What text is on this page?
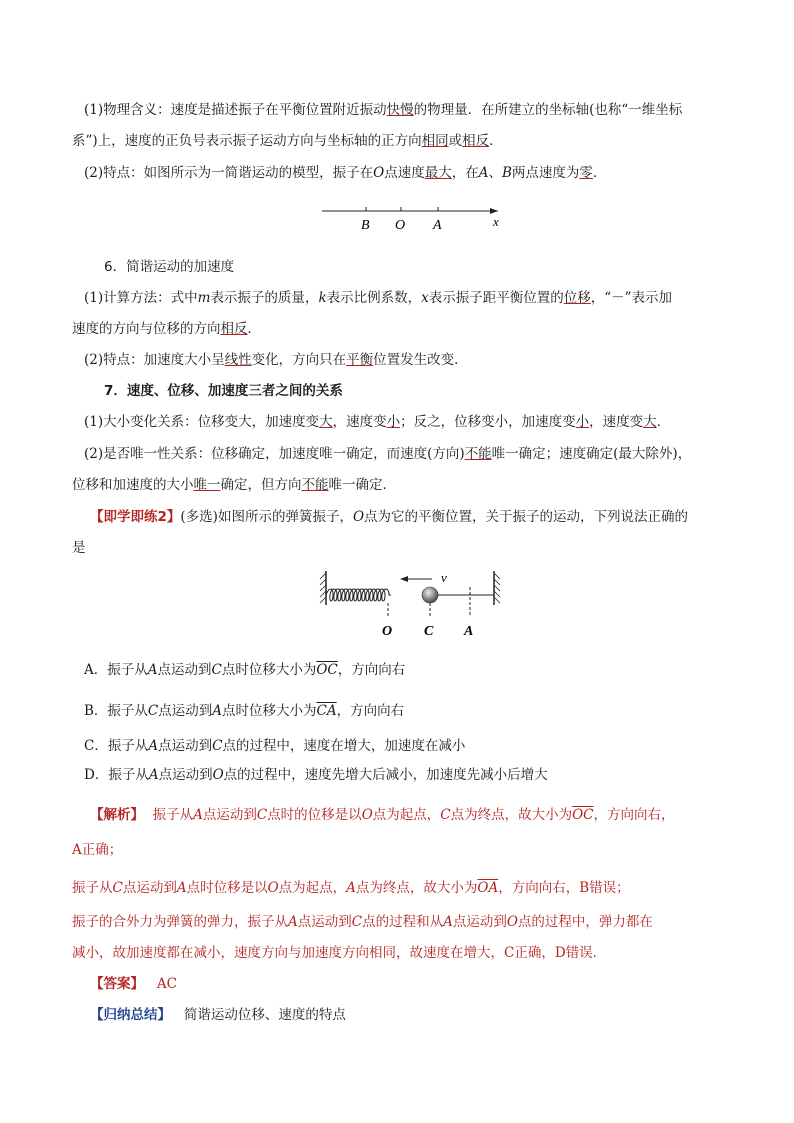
(1)物理含义：速度是描述振子在平衡位置附近振动快慢的物理量．在所建立的坐标轴(也称“一维坐标
系”)上，速度的正负号表示振子运动方向与坐标轴的正方向相同或相反．
(2)特点：如图所示为一简谐运动的模型，振子在O点速度最大，在A、B两点速度为零．
B O A	x
6．简谐运动的加速度
(1)计算方法：式中m表示振子的质量，k表示比例系数，x表示振子距平衡位置的位移，“－”表示加
速度的方向与位移的方向相反．
(2)特点：加速度大小呈线性变化，方向只在平衡位置发生改变．
7．速度、位移、加速度三者之间的关系
(1)大小变化关系：位移变大，加速度变大，速度变小；反之，位移变小，加速度变小，速度变大．
(2)是否唯一性关系：位移确定，加速度唯一确定，而速度(方向)不能唯一确定；速度确定(最大除外)，
位移和加速度的大小唯一确定，但方向不能唯一确定．
【即学即练2】(多选)如图所示的弹簧振子，O点为它的平衡位置，关于振子的运动，下列说法正确的
是
v
O C A
A．振子从A点运动到C点时位移大小为$\overline{OC}$，方向向右
B．振子从C点运动到A点时位移大小为$\overline{CA}$，方向向右
C．振子从A点运动到C点的过程中，速度在增大，加速度在减小
D．振子从A点运动到O点的过程中，速度先增大后减小，加速度先减小后增大
【解析】 振子从A点运动到C点时的位移是以O点为起点，C点为终点，故大小为$\overline{OC}$，方向向右，
A正确；
振子从C点运动到A点时位移是以O点为起点，A点为终点，故大小为$\overline{OA}$，方向向右，B错误；
振子的合外力为弹簧的弹力，振子从A点运动到C点的过程和从A点运动到O点的过程中，弹力都在
减小，故加速度都在减小，速度方向与加速度方向相同，故速度在增大，C正确，D错误．
【答案】 AC
【归纳总结】 简谐运动位移、速度的特点
